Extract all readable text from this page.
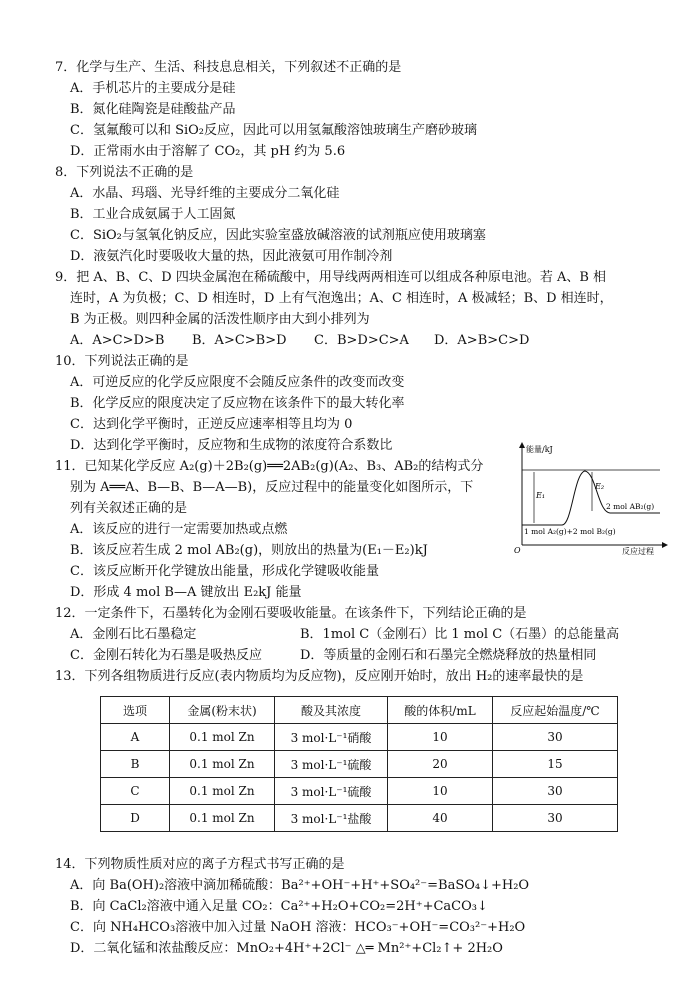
7．化学与生产、生活、科技息息相关，下列叙述不正确的是
A．手机芯片的主要成分是硅
B．氮化硅陶瓷是硅酸盐产品
C．氢氟酸可以和 SiO₂反应，因此可以用氢氟酸溶蚀玻璃生产磨砂玻璃
D．正常雨水由于溶解了 CO₂，其 pH 约为 5.6
8．下列说法不正确的是
A．水晶、玛瑙、光导纤维的主要成分二氧化硅
B．工业合成氨属于人工固氮
C．SiO₂与氢氧化钠反应，因此实验室盛放碱溶液的试剂瓶应使用玻璃塞
D．液氨汽化时要吸收大量的热，因此液氨可用作制冷剂
9．把 A、B、C、D 四块金属泡在稀硫酸中，用导线两两相连可以组成各种原电池。若 A、B 相
连时，A 为负极；C、D 相连时，D 上有气泡逸出；A、C 相连时，A 极减轻；B、D 相连时，
B 为正极。则四种金属的活泼性顺序由大到小排列为
A．A>C>D>B B．A>C>B>D C．B>D>C>A D．A>B>C>D
10．下列说法正确的是
A．可逆反应的化学反应限度不会随反应条件的改变而改变
B．化学反应的限度决定了反应物在该条件下的最大转化率
C．达到化学平衡时，正逆反应速率相等且均为 0
D．达到化学平衡时，反应物和生成物的浓度符合系数比
11．已知某化学反应 A₂(g)＋2B₂(g)══2AB₂(g)(A₂、B₃、AB₂的结构式分
别为 A══A、B—B、B—A—B)，反应过程中的能量变化如图所示，下
列有关叙述正确的是
A．该反应的进行一定需要加热或点燃
B．该反应若生成 2 mol AB₂(g)，则放出的热量为(E₁－E₂)kJ
C．该反应断开化学键放出能量，形成化学键吸收能量
D．形成 4 mol B—A 键放出 E₂kJ 能量
能量/kJ
E₁
E₂
2 mol AB₂(g)
1 mol A₂(g)+2 mol B₂(g)
O	反应过程
12．一定条件下，石墨转化为金刚石要吸收能量。在该条件下，下列结论正确的是
A．金刚石比石墨稳定	B．1mol C（金刚石）比 1 mol C（石墨）的总能量高
选项	金属(粉末状)	酸及其浓度	酸的体积/mL	反应起始温度/℃
A	0.1 mol Zn	3 mol·L⁻¹硝酸	10	30
B	0.1 mol Zn	3 mol·L⁻¹硫酸	20	15
C	0.1 mol Zn	3 mol·L⁻¹硫酸	10	30
D	0.1 mol Zn	3 mol·L⁻¹盐酸	40	30
C．金刚石转化为石墨是吸热反应	D．等质量的金刚石和石墨完全燃烧释放的热量相同
13．下列各组物质进行反应(表内物质均为反应物)，反应刚开始时，放出 H₂的速率最快的是
14．下列物质性质对应的离子方程式书写正确的是
A．向 Ba(OH)₂溶液中滴加稀硫酸：Ba²⁺+OH⁻+H⁺+SO₄²⁻=BaSO₄↓+H₂O
B．向 CaCl₂溶液中通入足量 CO₂：Ca²⁺+H₂O+CO₂=2H⁺+CaCO₃↓
C．向 NH₄HCO₃溶液中加入过量 NaOH 溶液：HCO₃⁻+OH⁻=CO₃²⁻+H₂O
D．二氧化锰和浓盐酸反应：MnO₂+4H⁺+2Cl⁻ △═ Mn²⁺+Cl₂↑+ 2H₂O
